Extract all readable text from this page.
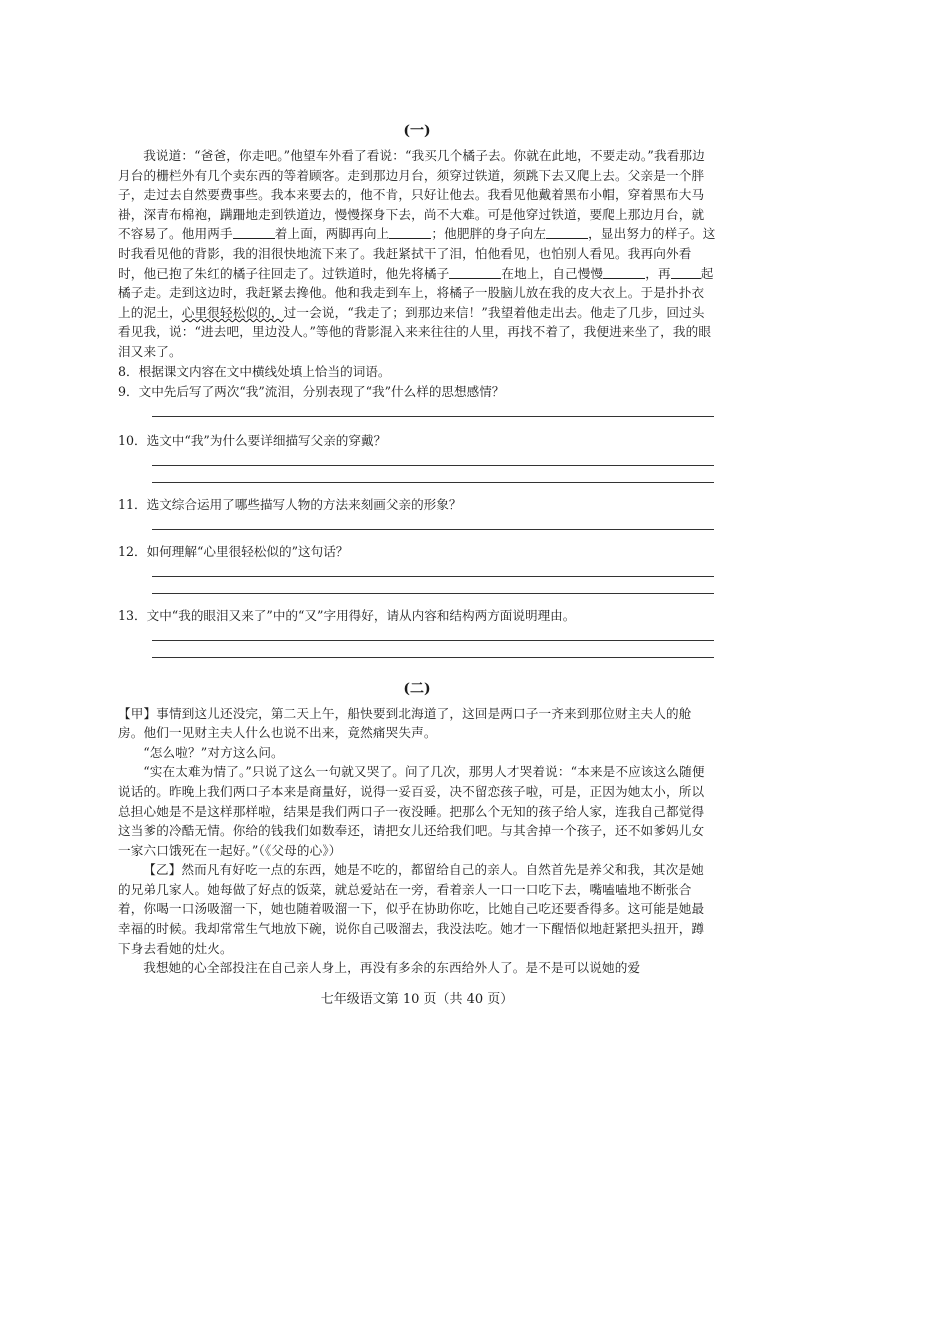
(一)

我说道：“爸爸，你走吧。”他望车外看了看说：“我买几个橘子去。你就在此地，不要走动。”我看那边月台的栅栏外有几个卖东西的等着顾客。走到那边月台，须穿过铁道，须跳下去又爬上去。父亲是一个胖子，走过去自然要费事些。我本来要去的，他不肯，只好让他去。我看见他戴着黑布小帽，穿着黑布大马褂，深青布棉袍，蹒跚地走到铁道边，慢慢探身下去，尚不大难。可是他穿过铁道，要爬上那边月台，就不容易了。他用两手	着上面，两脚再向上	；他肥胖的身子向左	，显出努力的样子。这时我看见他的背影，我的泪很快地流下来了。我赶紧拭干了泪，怕他看见，也怕别人看见。我再向外看时，他已抱了朱红的橘子往回走了。过铁道时，他先将橘子	在地上，自己慢慢	，再 起橘子走。走到这边时，我赶紧去搀他。他和我走到车上，将橘子一股脑儿放在我的皮大衣上。于是扑扑衣上的泥土，心里很轻松似的，过一会说，“我走了；到那边来信！”我望着他走出去。他走了几步，回过头看见我，说：“进去吧，里边没人。”等他的背影混入来来往往的人里，再找不着了，我便进来坐了，我的眼泪又来了。

8．根据课文内容在文中横线处填上恰当的词语。

9．文中先后写了两次“我”流泪，分别表现了“我”什么样的思想感情？

10．选文中“我”为什么要详细描写父亲的穿戴？

11．选文综合运用了哪些描写人物的方法来刻画父亲的形象？

12．如何理解“心里很轻松似的”这句话？

13．文中“我的眼泪又来了”中的“又”字用得好，请从内容和结构两方面说明理由。

(二)

【甲】事情到这儿还没完，第二天上午，船快要到北海道了，这回是两口子一齐来到那位财主夫人的舱房。他们一见财主夫人什么也说不出来，竟然痛哭失声。

“怎么啦？”对方这么问。

“实在太难为情了。”只说了这么一句就又哭了。问了几次，那男人才哭着说：“本来是不应该这么随便说话的。昨晚上我们两口子本来是商量好，说得一妥百妥，决不留恋孩子啦，可是，正因为她太小，所以总担心她是不是这样那样啦，结果是我们两口子一夜没睡。把那么个无知的孩子给人家，连我自己都觉得这当爹的冷酷无情。你给的钱我们如数奉还，请把女儿还给我们吧。与其舍掉一个孩子，还不如爹妈儿女一家六口饿死在一起好。”（《父母的心》）

【乙】然而凡有好吃一点的东西，她是不吃的，都留给自己的亲人。自然首先是养父和我，其次是她的兄弟几家人。她每做了好点的饭菜，就总爱站在一旁，看着亲人一口一口吃下去，嘴嗑嗑地不断张合着，你喝一口汤吸溜一下，她也随着吸溜一下，似乎在协助你吃，比她自己吃还要香得多。这可能是她最幸福的时候。我却常常生气地放下碗，说你自己吸溜去，我没法吃。她才一下醒悟似地赶紧把头扭开，蹲下身去看她的灶火。

我想她的心全部投注在自己亲人身上，再没有多余的东西给外人了。是不是可以说她的爱

七年级语文第 10 页（共 40 页）
